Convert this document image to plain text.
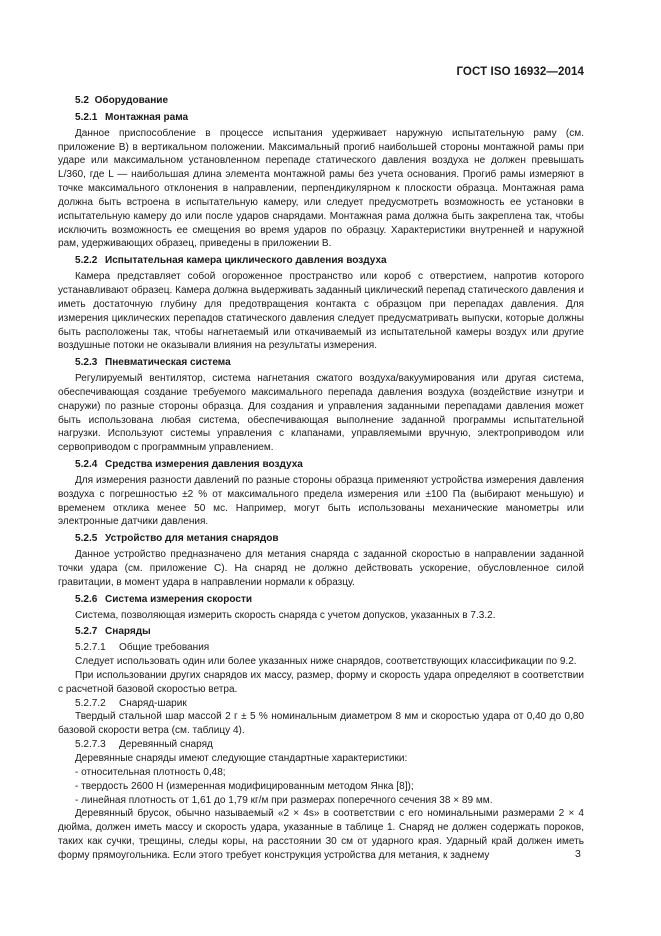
ГОСТ ISO 16932—2014

5.2 Оборудование

5.2.1 Монтажная рама

Данное приспособление в процессе испытания удерживает наружную испытательную раму (см. приложение В) в вертикальном положении. Максимальный прогиб наибольшей стороны монтажной рамы при ударе или максимальном установленном перепаде статического давления воздуха не должен превышать L/360, где L — наибольшая длина элемента монтажной рамы без учета основания. Прогиб рамы измеряют в точке максимального отклонения в направлении, перпендикулярном к плоскости образца. Монтажная рама должна быть встроена в испытательную камеру, или следует предусмотреть возможность ее установки в испытательную камеру до или после ударов снарядами. Монтажная рама должна быть закреплена так, чтобы исключить возможность ее смещения во время ударов по образцу. Характеристики внутренней и наружной рам, удерживающих образец, приведены в приложении В.

5.2.2 Испытательная камера циклического давления воздуха

Камера представляет собой огороженное пространство или короб с отверстием, напротив которого устанавливают образец. Камера должна выдерживать заданный циклический перепад статического давления и иметь достаточную глубину для предотвращения контакта с образцом при перепадах давления. Для измерения циклических перепадов статического давления следует предусматривать выпуски, которые должны быть расположены так, чтобы нагнетаемый или откачиваемый из испытательной камеры воздух или другие воздушные потоки не оказывали влияния на результаты измерения.

5.2.3 Пневматическая система

Регулируемый вентилятор, система нагнетания сжатого воздуха/вакуумирования или другая система, обеспечивающая создание требуемого максимального перепада давления воздуха (воздействие изнутри и снаружи) по разные стороны образца. Для создания и управления заданными перепадами давления может быть использована любая система, обеспечивающая выполнение заданной программы испытательной нагрузки. Используют системы управления с клапанами, управляемыми вручную, электроприводом или сервоприводом с программным управлением.

5.2.4 Средства измерения давления воздуха

Для измерения разности давлений по разные стороны образца применяют устройства измерения давления воздуха с погрешностью ±2 % от максимального предела измерения или ±100 Па (выбирают меньшую) и временем отклика менее 50 мс. Например, могут быть использованы механические манометры или электронные датчики давления.

5.2.5 Устройство для метания снарядов

Данное устройство предназначено для метания снаряда с заданной скоростью в направлении заданной точки удара (см. приложение С). На снаряд не должно действовать ускорение, обусловленное силой гравитации, в момент удара в направлении нормали к образцу.

5.2.6 Система измерения скорости

Система, позволяющая измерить скорость снаряда с учетом допусков, указанных в 7.3.2.

5.2.7 Снаряды

5.2.7.1 Общие требования

Следует использовать один или более указанных ниже снарядов, соответствующих классификации по 9.2.

При использовании других снарядов их массу, размер, форму и скорость удара определяют в соответствии с расчетной базовой скоростью ветра.

5.2.7.2 Снаряд-шарик

Твердый стальной шар массой 2 г ± 5 % номинальным диаметром 8 мм и скоростью удара от 0,40 до 0,80 базовой скорости ветра (см. таблицу 4).

5.2.7.3 Деревянный снаряд

Деревянные снаряды имеют следующие стандартные характеристики:

- относительная плотность 0,48;

- твердость 2600 Н (измеренная модифицированным методом Янка [8]);

- линейная плотность от 1,61 до 1,79 кг/м при размерах поперечного сечения 38 × 89 мм.

Деревянный брусок, обычно называемый «2 × 4s» в соответствии с его номинальными размерами 2 × 4 дюйма, должен иметь массу и скорость удара, указанные в таблице 1. Снаряд не должен содержать пороков, таких как сучки, трещины, следы коры, на расстоянии 30 см от ударного края. Ударный край должен иметь форму прямоугольника. Если этого требует конструкция устройства для метания, к заднему	3
